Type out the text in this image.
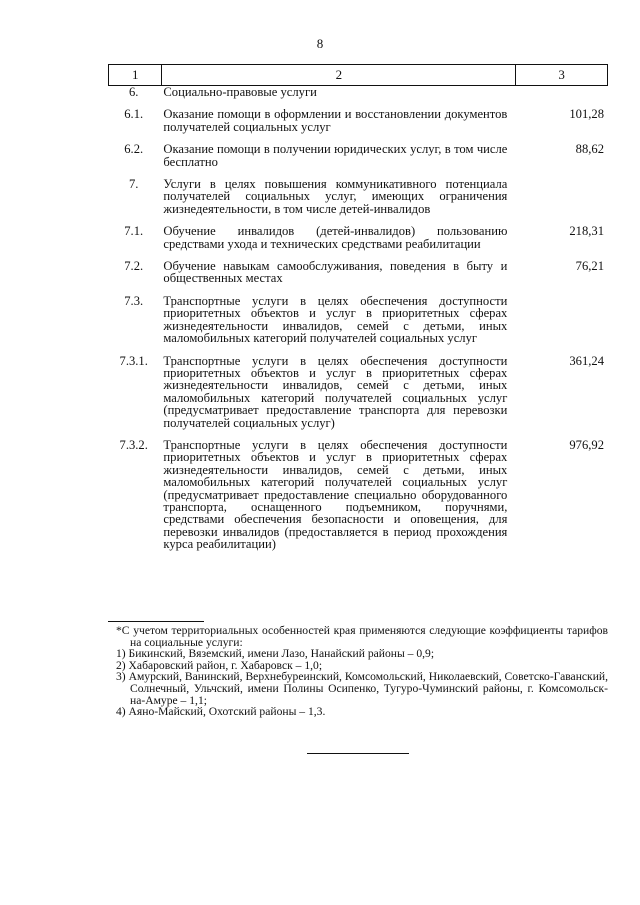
8
1	2	3
6.	Социально-правовые услуги	
6.1.	Оказание помощи в оформлении и восстановлении документов получателей социальных услуг	101,28
6.2.	Оказание помощи в получении юридических услуг, в том числе бесплатно	88,62
7.	Услуги в целях повышения коммуникативного потенциала получателей социальных услуг, имеющих ограничения жизнедеятельности, в том числе детей-инвалидов	
7.1.	Обучение инвалидов (детей-инвалидов) пользованию средствами ухода и технических средствами реабилитации	218,31
7.2.	Обучение навыкам самообслуживания, поведения в быту и общественных местах	76,21
7.3.	Транспортные услуги в целях обеспечения доступности приоритетных объектов и услуг в приоритетных сферах жизнедеятельности инвалидов, семей с детьми, иных маломобильных категорий получателей социальных услуг	
7.3.1.	Транспортные услуги в целях обеспечения доступности приоритетных объектов и услуг в приоритетных сферах жизнедеятельности инвалидов, семей с детьми, иных маломобильных категорий получателей социальных услуг (предусматривает предоставление транспорта для перевозки получателей социальных услуг)	361,24
7.3.2.	Транспортные услуги в целях обеспечения доступности приоритетных объектов и услуг в приоритетных сферах жизнедеятельности инвалидов, семей с детьми, иных маломобильных категорий получателей социальных услуг (предусматривает предоставление специально оборудованного транспорта, оснащенного подъемником, поручнями, средствами обеспечения безопасности и оповещения, для перевозки инвалидов (предоставляется в период прохождения курса реабилитации)	976,92

*С учетом территориальных особенностей края применяются следующие коэффициенты тарифов на социальные услуги:

1) Бикинский, Вяземский, имени Лазо, Нанайский районы – 0,9;

2) Хабаровский район, г. Хабаровск – 1,0;

3) Амурский, Ванинский, Верхнебуреинский, Комсомольский, Николаевский, Советско-Гаванский, Солнечный, Ульчский, имени Полины Осипенко, Тугуро-Чуминский районы, г. Комсомольск-на-Амуре – 1,1;

4) Аяно-Майский, Охотский районы – 1,3.
